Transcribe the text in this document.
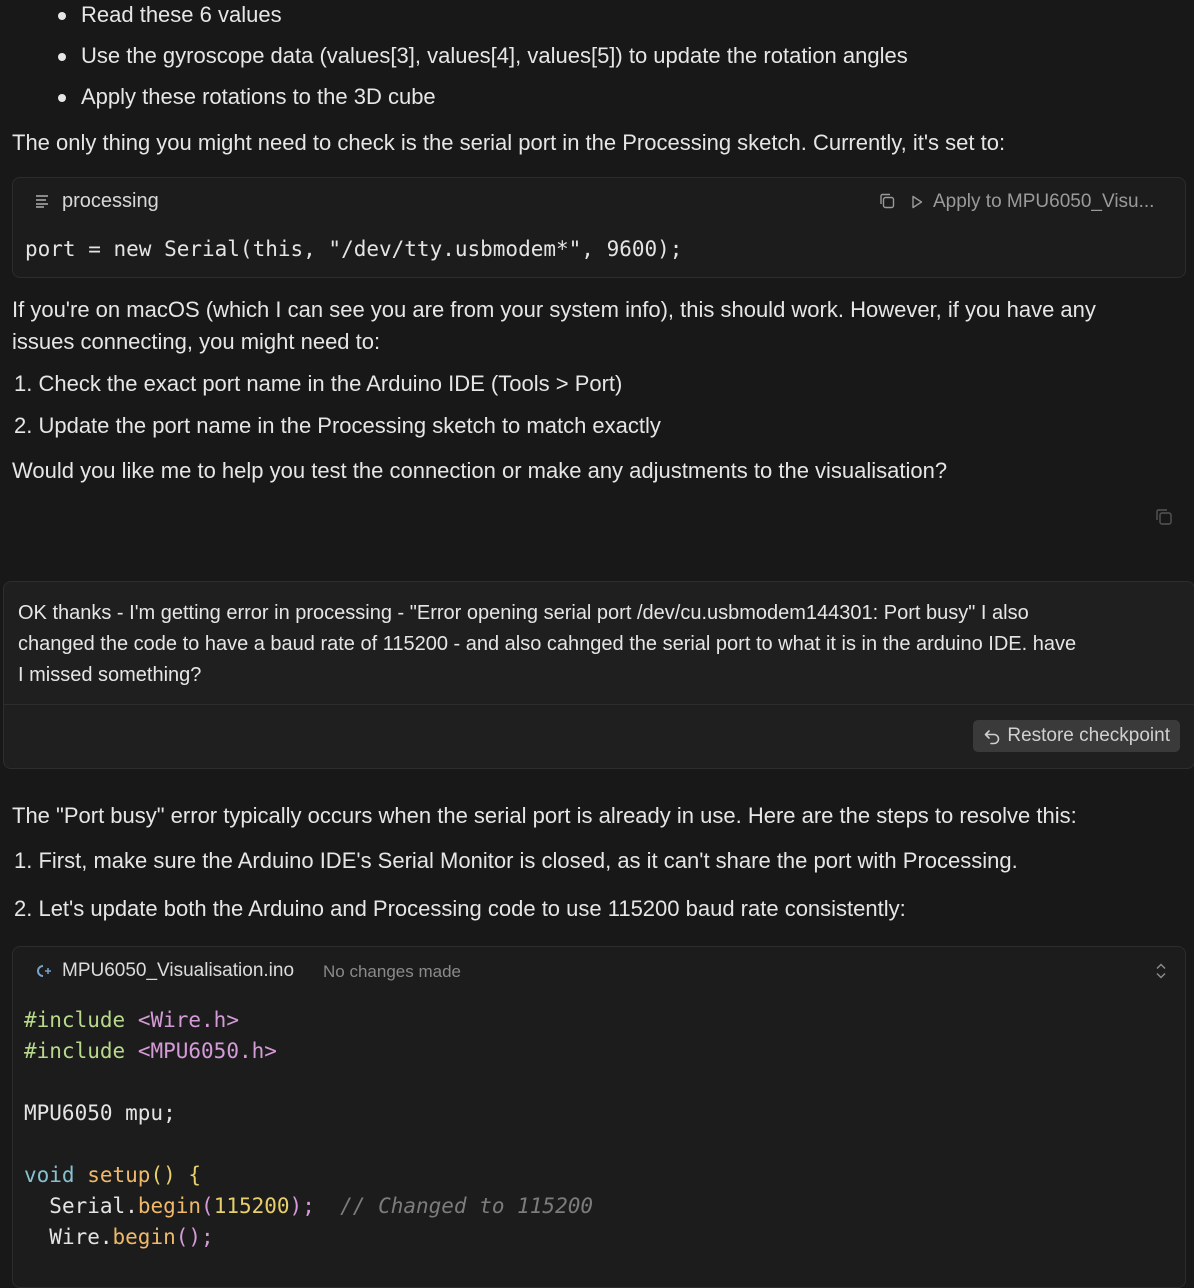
Read these 6 values
Use the gyroscope data (values[3], values[4], values[5]) to update the rotation angles
Apply these rotations to the 3D cube
The only thing you might need to check is the serial port in the Processing sketch. Currently, it's set to:
processing	Apply to MPU6050_Visu...
port = new Serial(this, "/dev/tty.usbmodem*", 9600);
If you're on macOS (which I can see you are from your system info), this should work. However, if you have any
issues connecting, you might need to:
1. Check the exact port name in the Arduino IDE (Tools > Port)
2. Update the port name in the Processing sketch to match exactly
Would you like me to help you test the connection or make any adjustments to the visualisation?
OK thanks - I'm getting error in processing - "Error opening serial port /dev/cu.usbmodem144301: Port busy" I also
changed the code to have a baud rate of 115200 - and also cahnged the serial port to what it is in the arduino IDE. have
I missed something?
Restore checkpoint
The "Port busy" error typically occurs when the serial port is already in use. Here are the steps to resolve this:
1. First, make sure the Arduino IDE's Serial Monitor is closed, as it can't share the port with Processing.
2. Let's update both the Arduino and Processing code to use 115200 baud rate consistently:
MPU6050_Visualisation.ino No changes made
#include <Wire.h>
#include <MPU6050.h>
MPU6050 mpu;
void setup() {
Serial.begin(115200); // Changed to 115200
Wire.begin();
